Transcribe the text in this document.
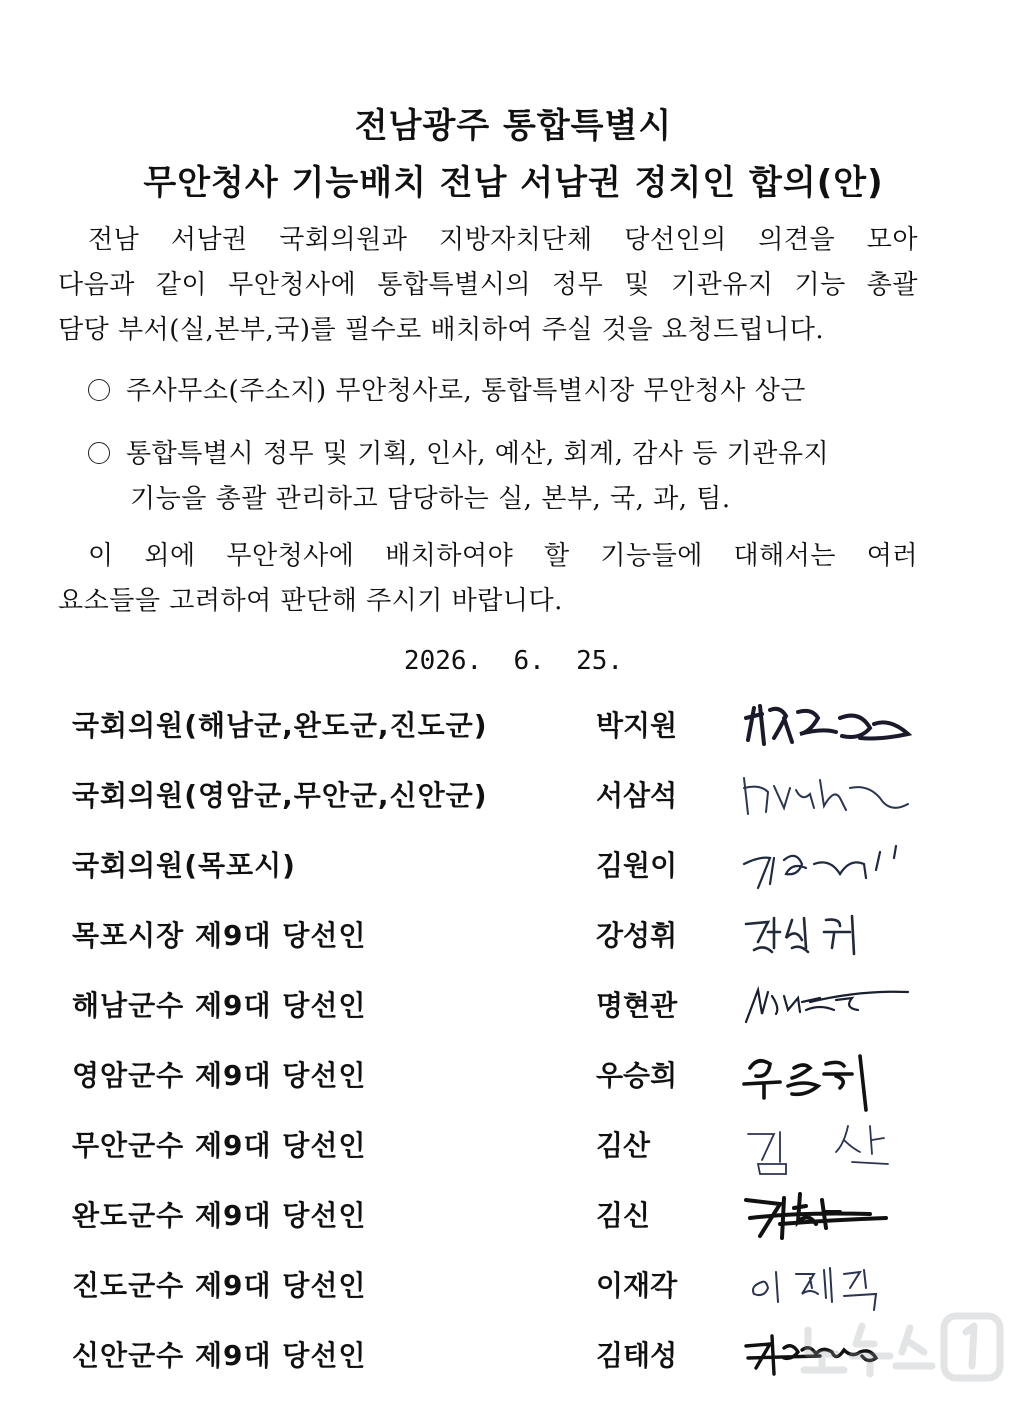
전남광주 통합특별시
무안청사 기능배치 전남 서남권 정치인 합의(안)
전남 서남권 국회의원과 지방자치단체 당선인의 의견을 모아
다음과 같이 무안청사에 통합특별시의 정무 및 기관유지 기능 총괄
담당 부서(실,본부,국)를 필수로 배치하여 주실 것을 요청드립니다.
주사무소(주소지) 무안청사로, 통합특별시장 무안청사 상근
통합특별시 정무 및 기획, 인사, 예산, 회계, 감사 등 기관유지
기능을 총괄 관리하고 담당하는 실, 본부, 국, 과, 팀.
이 외에 무안청사에 배치하여야 할 기능들에 대해서는 여러
요소들을 고려하여 판단해 주시기 바랍니다.
2026.  6.  25.
국회의원(해남군,완도군,진도군)	박지원
국회의원(영암군,무안군,신안군)	서삼석
국회의원(목포시)	김원이
목포시장 제9대 당선인	강성휘
해남군수 제9대 당선인	명현관
영암군수 제9대 당선인	우승희
무안군수 제9대 당선인	김산
완도군수 제9대 당선인	김신
진도군수 제9대 당선인	이재각
신안군수 제9대 당선인	김태성
